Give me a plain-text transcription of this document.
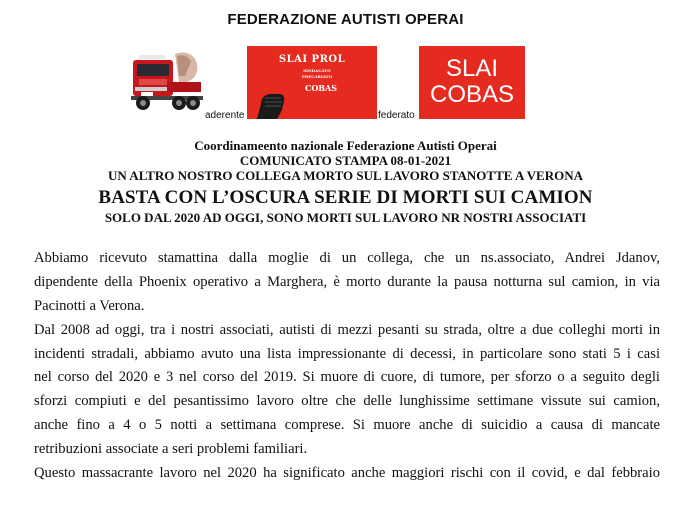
FEDERAZIONE AUTISTI OPERAI
aderente
SLAI PROL
SINDACATO
PRECARIATO
COBAS
federato
SLAI
COBAS
Coordinameento nazionale Federazione Autisti Operai
COMUNICATO STAMPA 08-01-2021
UN ALTRO NOSTRO COLLEGA MORTO SUL LAVORO STANOTTE A VERONA
BASTA CON L’OSCURA SERIE DI MORTI SUI CAMION
SOLO DAL 2020 AD OGGI, SONO MORTI SUL LAVORO NR NOSTRI ASSOCIATI
Abbiamo ricevuto stamattina dalla moglie di un collega, che un ns.associato, Andrei Jdanov,
dipendente della Phoenix operativo a Marghera, è morto durante la pausa notturna sul camion, in via
Pacinotti a Verona.
Dal 2008 ad oggi, tra i nostri associati, autisti di mezzi pesanti su strada, oltre a due colleghi morti in
incidenti stradali, abbiamo avuto una lista impressionante di decessi, in particolare sono stati 5 i casi
nel corso del 2020 e 3 nel corso del 2019. Si muore di cuore, di tumore, per sforzo o a seguito degli
sforzi compiuti e del pesantissimo lavoro oltre che delle lunghissime settimane vissute sui camion,
anche fino a 4 o 5 notti a settimana comprese. Si muore anche di suicidio a causa di mancate
retribuzioni associate a seri problemi familiari.
Questo massacrante lavoro nel 2020 ha significato anche maggiori rischi con il covid, e dal febbraio
